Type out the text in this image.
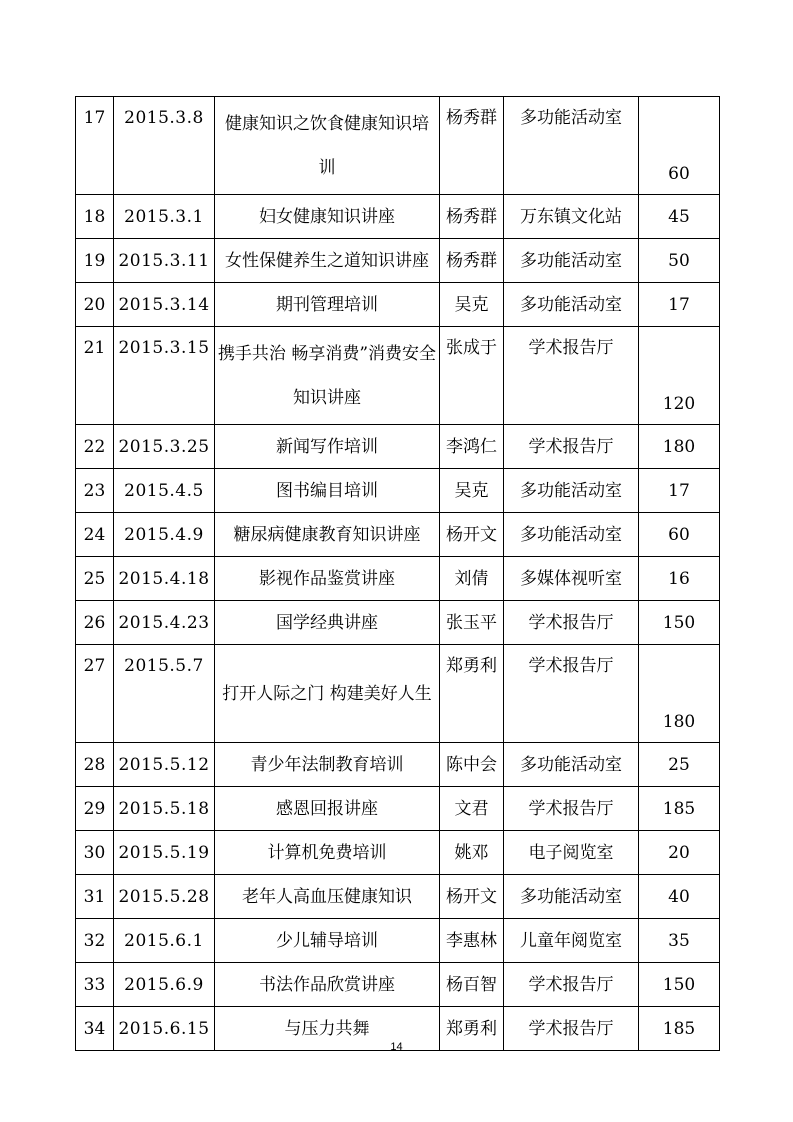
17	2015.3.8	健康知识之饮食健康知识培训	杨秀群	多功能活动室	60
18	2015.3.1	妇女健康知识讲座	杨秀群	万东镇文化站	45
19	2015.3.11	女性保健养生之道知识讲座	杨秀群	多功能活动室	50
20	2015.3.14	期刊管理培训	吴克	多功能活动室	17
21	2015.3.15	携手共治 畅享消费”消费安全知识讲座	张成于	学术报告厅	120
22	2015.3.25	新闻写作培训	李鸿仁	学术报告厅	180
23	2015.4.5	图书编目培训	吴克	多功能活动室	17
24	2015.4.9	糖尿病健康教育知识讲座	杨开文	多功能活动室	60
25	2015.4.18	影视作品鉴赏讲座	刘倩	多媒体视听室	16
26	2015.4.23	国学经典讲座	张玉平	学术报告厅	150
27	2015.5.7	打开人际之门 构建美好人生	郑勇利	学术报告厅	180
28	2015.5.12	青少年法制教育培训	陈中会	多功能活动室	25
29	2015.5.18	感恩回报讲座	文君	学术报告厅	185
30	2015.5.19	计算机免费培训	姚邓	电子阅览室	20
31	2015.5.28	老年人高血压健康知识	杨开文	多功能活动室	40
32	2015.6.1	少儿辅导培训	李惠林	儿童年阅览室	35
33	2015.6.9	书法作品欣赏讲座	杨百智	学术报告厅	150
34	2015.6.15	与压力共舞	郑勇利	学术报告厅	185
14
